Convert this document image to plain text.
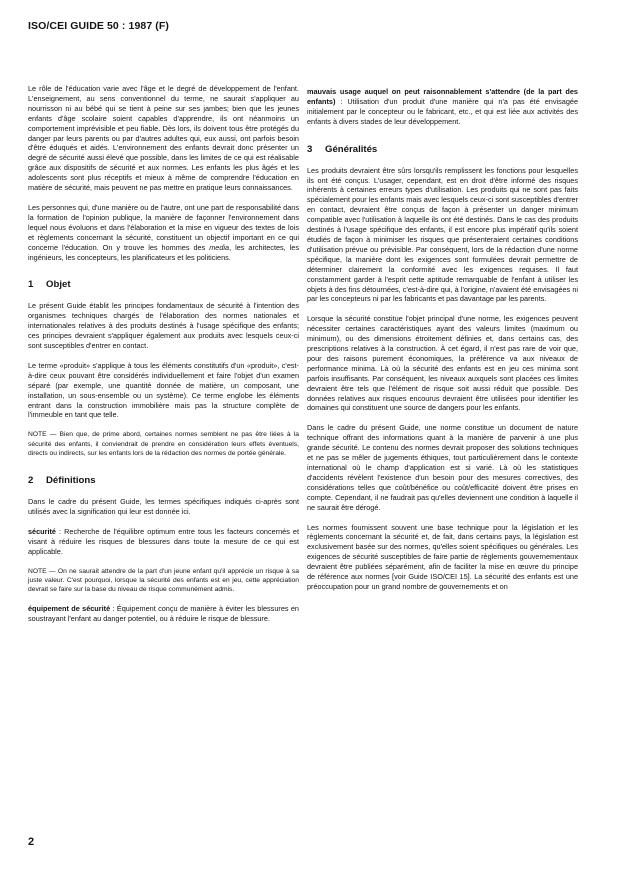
ISO/CEI GUIDE 50 : 1987 (F)

Le rôle de l'éducation varie avec l'âge et le degré de développement de l'enfant. L'enseignement, au sens conventionnel du terme, ne saurait s'appliquer au nourrisson ni au bébé qui se tient à peine sur ses jambes; bien que les jeunes enfants d'âge scolaire soient capables d'apprendre, ils ont néanmoins un comportement imprévisible et peu fiable. Dès lors, ils doivent tous être protégés du danger par leurs parents ou par d'autres adultes qui, eux aussi, ont parfois besoin d'être éduqués et aidés. L'environnement des enfants devrait donc présenter un degré de sécurité aussi élevé que possible, dans les limites de ce qui est réalisable grâce aux dispositifs de sécurité et aux normes. Les enfants les plus âgés et les adolescents sont plus réceptifs et mieux à même de comprendre l'éducation en matière de sécurité, mais peuvent ne pas mettre en pratique leurs connaissances.

Les personnes qui, d'une manière ou de l'autre, ont une part de responsabilité dans la formation de l'opinion publique, la manière de façonner l'environnement dans lequel nous évoluons et dans l'élaboration et la mise en vigueur des textes de lois et règlements concernant la sécurité, constituent un objectif important en ce qui concerne l'éducation. On y trouve les hommes des media, les architectes, les ingénieurs, les concepteurs, les planificateurs et les politiciens.

1 Objet

Le présent Guide établit les principes fondamentaux de sécurité à l'intention des organismes techniques chargés de l'élaboration des normes nationales et internationales relatives à des produits destinés à l'usage spécifique des enfants; ces principes devraient s'appliquer également aux produits avec lesquels ceux-ci sont susceptibles d'entrer en contact.

Le terme «produit» s'applique à tous les éléments constitutifs d'un «produit», c'est-à-dire ceux pouvant être considérés individuellement et faire l'objet d'un examen séparé (par exemple, une quantité donnée de matière, un composant, une installation, un sous-ensemble ou un système). Ce terme englobe les éléments entrant dans la construction immobilière mais pas la structure complète de l'immeuble en tant que telle.

NOTE — Bien que, de prime abord, certaines normes semblent ne pas être liées à la sécurité des enfants, il conviendrait de prendre en considération leurs effets éventuels, directs ou indirects, sur les enfants lors de la rédaction des normes de portée générale.

2 Définitions

Dans le cadre du présent Guide, les termes spécifiques indiqués ci-après sont utilisés avec la signification qui leur est donnée ici.

sécurité : Recherche de l'équilibre optimum entre tous les facteurs concernés et visant à réduire les risques de blessures dans toute la mesure de ce qui est applicable.

NOTE — On ne saurait attendre de la part d'un jeune enfant qu'il apprécie un risque à sa juste valeur. C'est pourquoi, lorsque la sécurité des enfants est en jeu, cette appréciation devrait se faire sur la base du niveau de risque communément admis.

équipement de sécurité : Équipement conçu de manière à éviter les blessures en soustrayant l'enfant au danger potentiel, ou à réduire le risque de blessure.

mauvais usage auquel on peut raisonnablement s'attendre (de la part des enfants) : Utilisation d'un produit d'une manière qui n'a pas été envisagée initialement par le concepteur ou le fabricant, etc., et qui est liée aux activités des enfants à divers stades de leur développement.

3 Généralités

Les produits devraient être sûrs lorsqu'ils remplissent les fonctions pour lesquelles ils ont été conçus. L'usager, cependant, est en droit d'être informé des risques inhérents à certaines erreurs types d'utilisation. Les produits qui ne sont pas faits spécialement pour les enfants mais avec lesquels ceux-ci sont susceptibles d'entrer en contact, devraient être conçus de façon à présenter un danger minimum compatible avec l'utilisation à laquelle ils ont été destinés. Dans le cas des produits destinés à l'usage spécifique des enfants, il est encore plus impératif qu'ils soient étudiés de façon à minimiser les risques que présenteraient certaines conditions d'utilisation prévue ou prévisible. Par conséquent, lors de la rédaction d'une norme spécifique, la manière dont les exigences sont formulées devrait permettre de déterminer clairement la conformité avec les exigences requises. Il faut constamment garder à l'esprit cette aptitude remarquable de l'enfant à utiliser les objets à des fins détournées, c'est-à-dire qui, à l'origine, n'avaient été envisagées ni par les concepteurs ni par les fabricants et pas davantage par les parents.

Lorsque la sécurité constitue l'objet principal d'une norme, les exigences peuvent nécessiter certaines caractéristiques ayant des valeurs limites (maximum ou minimum), ou des dimensions étroitement définies et, dans certains cas, des prescriptions relatives à la construction. À cet égard, il n'est pas rare de voir que, pour des raisons purement économiques, la préférence va aux niveaux de performance minima. Là où la sécurité des enfants est en jeu ces minima sont parfois insuffisants. Par conséquent, les niveaux auxquels sont placées ces limites devraient être tels que l'élément de risque soit aussi réduit que possible. Des données relatives aux risques encourus devraient être utilisées pour identifier les domaines qui constituent une source de dangers pour les enfants.

Dans le cadre du présent Guide, une norme constitue un document de nature technique offrant des informations quant à la manière de parvenir à une plus grande sécurité. Le contenu des normes devrait proposer des solutions techniques et ne pas se mêler de jugements éthiques, tout particulièrement dans le contexte international où le champ d'application est si varié. Là où les statistiques d'accidents révèlent l'existence d'un besoin pour des mesures correctives, des considérations telles que coût/bénéfice ou coût/efficacité doivent être prises en compte. Cependant, il ne faudrait pas qu'elles deviennent une condition à laquelle il ne saurait être dérogé.

Les normes fournissent souvent une base technique pour la législation et les règlements concernant la sécurité et, de fait, dans certains pays, la législation est exclusivement basée sur des normes, qu'elles soient spécifiques ou générales. Les exigences de sécurité susceptibles de faire partie de règlements gouvernementaux devraient être publiées séparément, afin de faciliter la mise en œuvre du principe de référence aux normes [voir Guide ISO/CEI 15]. La sécurité des enfants est une préoccupation pour un grand nombre de gouvernements et on

2
